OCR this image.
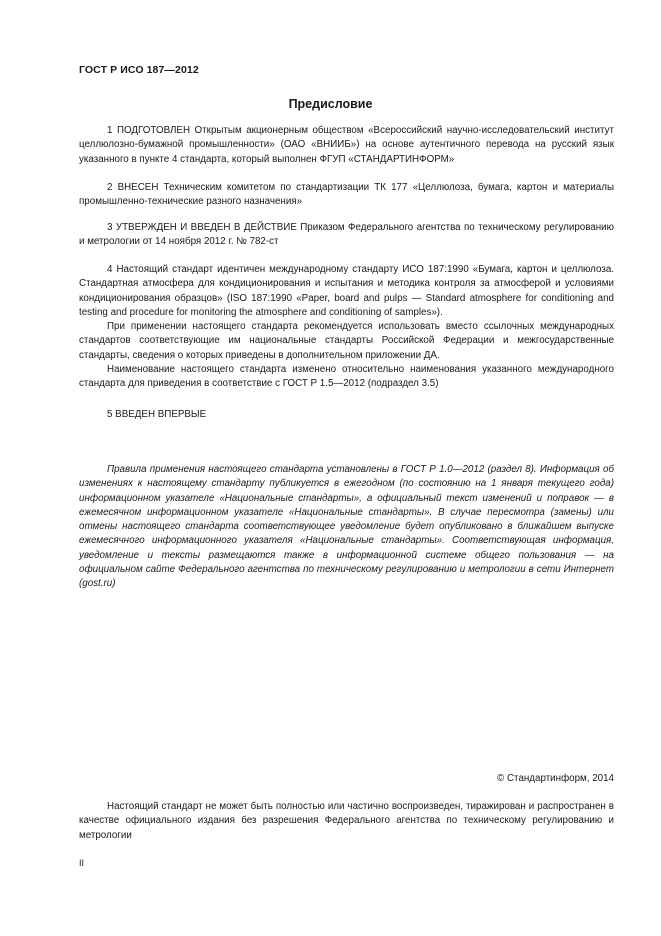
ГОСТ Р ИСО 187—2012
Предисловие

1 ПОДГОТОВЛЕН Открытым акционерным обществом «Всероссийский научно-исследовательский институт целлюлозно-бумажной промышленности» (ОАО «ВНИИБ») на основе аутентичного перевода на русский язык указанного в пункте 4 стандарта, который выполнен ФГУП «СТАНДАРТИНФОРМ»

2 ВНЕСЕН Техническим комитетом по стандартизации ТК 177 «Целлюлоза, бумага, картон и материалы промышленно-технические разного назначения»

3 УТВЕРЖДЕН И ВВЕДЕН В ДЕЙСТВИЕ Приказом Федерального агентства по техническому регулированию и метрологии от 14 ноября 2012 г. № 782-ст

4 Настоящий стандарт идентичен международному стандарту ИСО 187:1990 «Бумага, картон и целлюлоза. Стандартная атмосфера для кондиционирования и испытания и методика контроля за атмосферой и условиями кондиционирования образцов» (ISO 187:1990 «Paper, board and pulps — Standard atmosphere for conditioning and testing and procedure for monitoring the atmosphere and conditioning of samples»).

При применении настоящего стандарта рекомендуется использовать вместо ссылочных международных стандартов соответствующие им национальные стандарты Российской Федерации и межгосударственные стандарты, сведения о которых приведены в дополнительном приложении ДА.

Наименование настоящего стандарта изменено относительно наименования указанного международного стандарта для приведения в соответствие с ГОСТ Р 1.5—2012 (подраздел 3.5)

5 ВВЕДЕН ВПЕРВЫЕ

Правила применения настоящего стандарта установлены в ГОСТ Р 1.0—2012 (раздел 8). Информация об изменениях к настоящему стандарту публикуется в ежегодном (по состоянию на 1 января текущего года) информационном указателе «Национальные стандарты», а официальный текст изменений и поправок — в ежемесячном информационном указателе «Национальные стандарты». В случае пересмотра (замены) или отмены настоящего стандарта соответствующее уведомление будет опубликовано в ближайшем выпуске ежемесячного информационного указателя «Национальные стандарты». Соответствующая информация, уведомление и тексты размещаются также в информационной системе общего пользования — на официальном сайте Федерального агентства по техническому регулированию и метрологии в сети Интернет (gost.ru)

© Стандартинформ, 2014

Настоящий стандарт не может быть полностью или частично воспроизведен, тиражирован и распространен в качестве официального издания без разрешения Федерального агентства по техническому регулированию и метрологии

II
